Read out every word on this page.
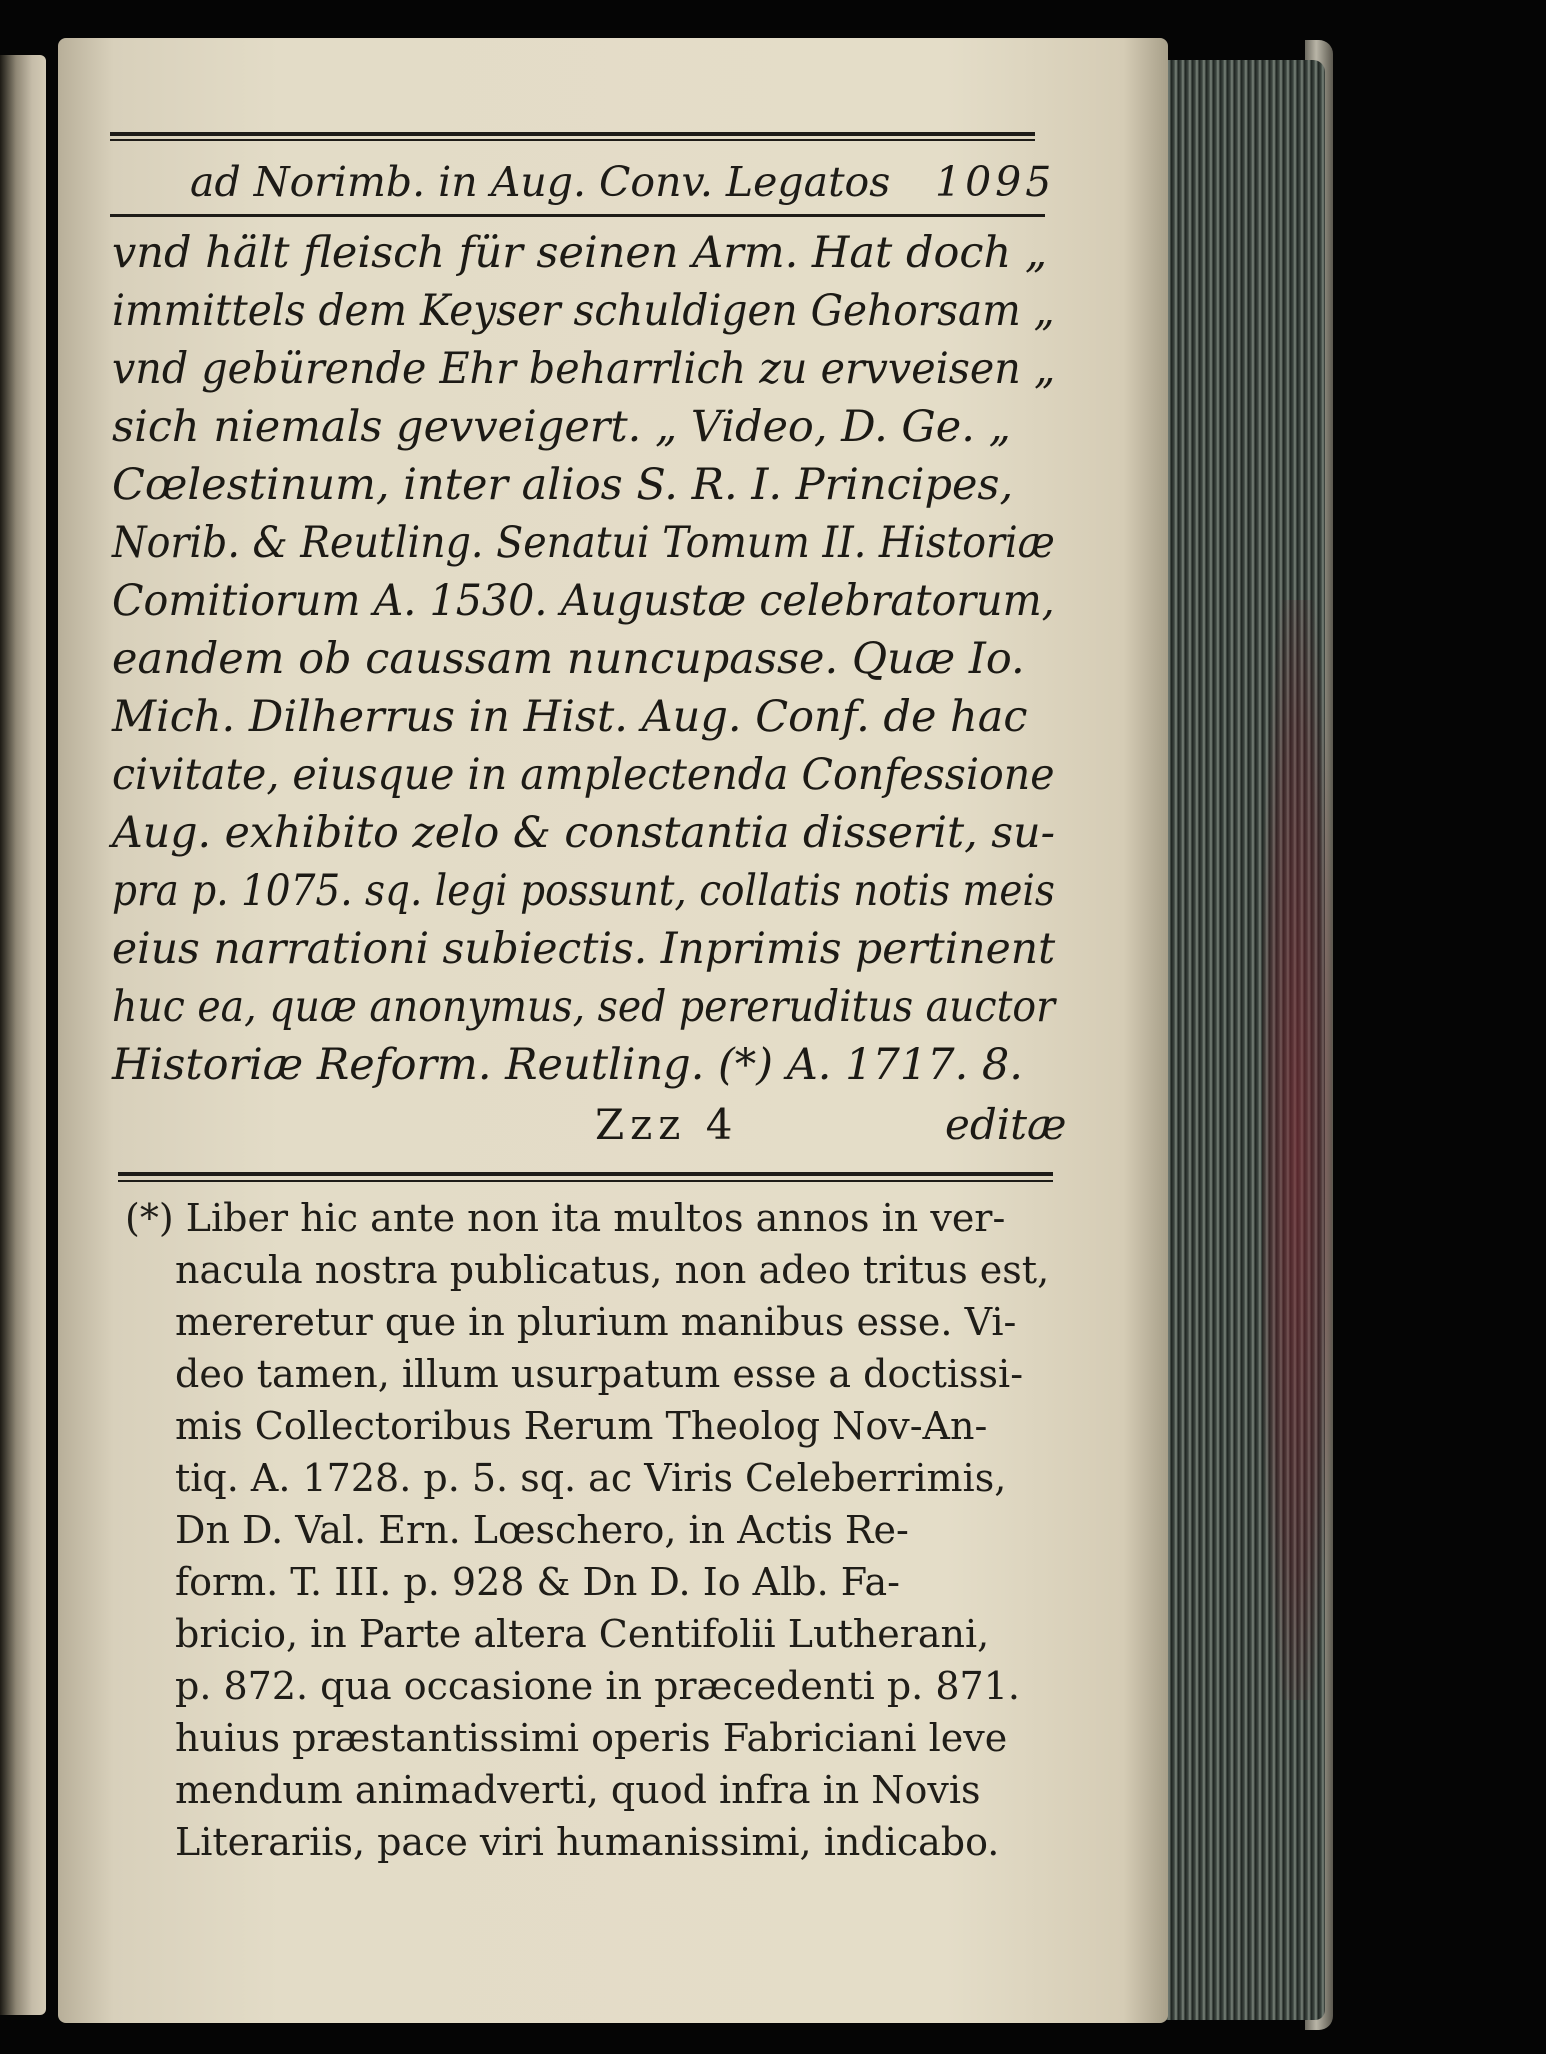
ad Norimb. in Aug. Conv. Legatos 1095
vnd hält fleisch für seinen Arm. Hat doch „
immittels dem Keyser schuldigen Gehorsam „
vnd gebürende Ehr beharrlich zu ervveisen „
sich niemals gevveigert. „ Video, D. Ge. „
Cœlestinum, inter alios S. R. I. Principes,
Norib. & Reutling. Senatui Tomum II. Historiæ
Comitiorum A. 1530. Augustæ celebratorum,
eandem ob caussam nuncupasse. Quæ Io.
Mich. Dilherrus in Hist. Aug. Conf. de hac
civitate, eiusque in amplectenda Confessione
Aug. exhibito zelo & constantia disserit, su-
pra p. 1075. sq. legi possunt, collatis notis meis
eius narrationi subiectis. Inprimis pertinent
huc ea, quæ anonymus, sed pereruditus auctor
Historiæ Reform. Reutling. (*) A. 1717. 8.
Zzz 4	editæ
(*) Liber hic ante non ita multos annos in ver-
nacula nostra publicatus, non adeo tritus est,
mereretur que in plurium manibus esse. Vi-
deo tamen, illum usurpatum esse a doctissi-
mis Collectoribus Rerum Theolog Nov-An-
tiq. A. 1728. p. 5. sq. ac Viris Celeberrimis,
Dn D. Val. Ern. Lœschero, in Actis Re-
form. T. III. p. 928 & Dn D. Io Alb. Fa-
bricio, in Parte altera Centifolii Lutherani,
p. 872. qua occasione in præcedenti p. 871.
huius præstantissimi operis Fabriciani leve
mendum animadverti, quod infra in Novis
Literariis, pace viri humanissimi, indicabo.
